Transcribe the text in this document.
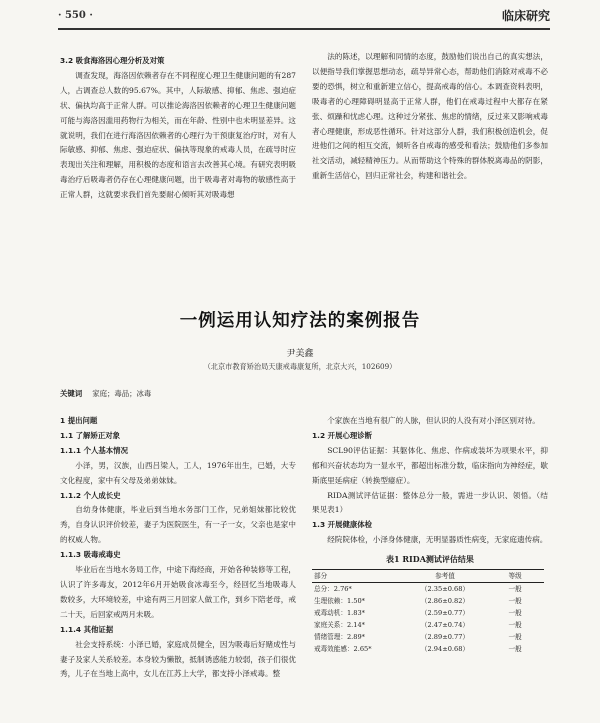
· 550 ·	临床研究

3.2 吸食海洛因心理分析及对策

调查发现，海洛因依赖者存在不同程度心理卫生健康问题的有287人，占调查总人数的95.67%。其中，人际敏感、抑郁、焦虑、强迫症状、偏执均高于正常人群。可以推论海洛因依赖者的心理卫生健康问题可能与海洛因滥用药物行为相关，而在年龄、性别中也未明显差异。这就说明，我们在进行海洛因依赖者的心理行为干预康复治疗时，对有人际敏感、抑郁、焦虑、强迫症状、偏执等现象的戒毒人员，在疏导时应表现出关注和理解，用积极的态度和语言去改善其心境。有研究表明吸毒治疗后吸毒者仍存在心理健康问题，出于吸毒者对毒物的敏感性高于正常人群，这就要求我们首先要耐心倾听其对吸毒想

法的陈述，以理解和同情的态度，鼓励他们说出自己的真实想法，以便指导我们掌握思想动态，疏导异常心态，帮助他们消除对戒毒不必要的恐惧，树立和重新建立信心，提高戒毒的信心。本调查资料表明，吸毒者的心理障碍明显高于正常人群，他们在戒毒过程中大都存在紧张、烦躁和忧虑心理。这种过分紧张、焦虑的情绪，反过来又影响戒毒者心理健康，形成恶性循环。针对这部分人群，我们积极创造机会，促进他们之间的相互交流，倾听各自戒毒的感受和看法；鼓励他们多参加社交活动，减轻精神压力。从而帮助这个特殊的群体脱离毒品的阴影，重新生活信心，回归正常社会，构建和谐社会。

一例运用认知疗法的案例报告
尹美鑫
（北京市教育矫治局天康戒毒康复所，北京大兴，102609）
关键词 家庭；毒品；冰毒

1 提出问题

1.1 了解矫正对象

1.1.1 个人基本情况

小泽，男，汉族，山西吕梁人，工人，1976年出生，已婚，大专文化程度，家中有父母及弟弟妹妹。

1.1.2 个人成长史

自幼身体健康，毕业后到当地水务部门工作，兄弟姐妹都比较优秀，自身认识评价较差，妻子为医院医生，有一子一女，父亲也是家中的权威人物。

1.1.3 吸毒戒毒史

毕业后在当地水务局工作，中途下海经商，开始各种装修等工程，认识了许多毒友，2012年6月开始吸食冰毒至今，经回忆当地吸毒人数较多，大环境较差，中途有两三月回家人做工作，到乡下陪老母，戒二十天，后回家戒两月未吸。

1.1.4 其他证据

社会支持系统：小泽已婚，家庭成员健全，因为吸毒后好赌成性与妻子及家人关系较差。本身较为懒散，抵制诱惑能力较弱，孩子们很优秀，儿子在当地上高中，女儿在江苏上大学，都支持小泽戒毒。整

个家族在当地有很广的人脉，但认识的人没有对小泽区别对待。

1.2 开展心理诊断

SCL90评估证据：其躯体化、焦虑、作病或装坏为项果水平，抑郁和兴奋状态均为一显水平，都超出标准分数，临床指向为神经症，歇斯底里延病症（转换型癔症）。

RIDA测试评估证据：整体总分一般，需进一步认识、领悟。（结果见表1）

1.3 开展健康体检

经院院体检，小泽身体健康，无明显器质性病变，无家庭遗传病。

表1 RIDA测试评估结果
部分	参考值	等级
总分：2.76*	（2.35±0.68）	一般
生理依赖：1.50*	（2.86±0.82）	一般
戒毒动机：1.83*	（2.59±0.77）	一般
家庭关系：2.14*	（2.47±0.74）	一般
情绪管理：2.89*	（2.89±0.77）	一般
戒毒效能感：2.65*	（2.94±0.68）	一般
